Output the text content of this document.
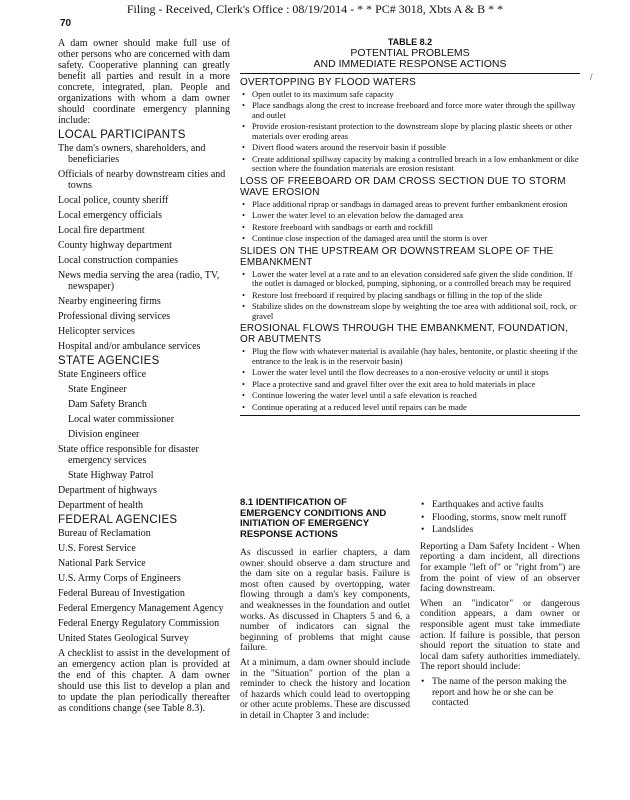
Filing - Received, Clerk's Office : 08/19/2014 - * * PC# 3018, Xbts A & B * *
70
/

A dam owner should make full use of other persons who are concerned with dam safety. Cooperative planning can greatly benefit all parties and result in a more concrete, integrated, plan. People and organizations with whom a dam owner should coordinate emergency planning include:

LOCAL PARTICIPANTS

The dam's owners, shareholders, and beneficiaries

Officials of nearby downstream cities and towns

Local police, county sheriff

Local emergency officials

Local fire department

County highway department

Local construction companies

News media serving the area (radio, TV, newspaper)

Nearby engineering firms

Professional diving services

Helicopter services

Hospital and/or ambulance services

STATE AGENCIES

State Engineers office

State Engineer

Dam Safety Branch

Local water commissioner

Division engineer

State office responsible for disaster emergency services

State Highway Patrol

Department of highways

Department of health

FEDERAL AGENCIES

Bureau of Reclamation

U.S. Forest Service

National Park Service

U.S. Army Corps of Engineers

Federal Bureau of Investigation

Federal Emergency Management Agency

Federal Energy Regulatory Commission

United States Geological Survey

A checklist to assist in the development of an emergency action plan is provided at the end of this chapter. A dam owner should use this list to develop a plan and to update the plan periodically thereafter as conditions change (see Table 8.3).

TABLE 8.2
POTENTIAL PROBLEMS
AND IMMEDIATE RESPONSE ACTIONS
OVERTOPPING BY FLOOD WATERS
• Open outlet to its maximum safe capacity
• Place sandbags along the crest to increase freeboard and force more water through the spillway and outlet
• Provide erosion-resistant protection to the downstream slope by placing plastic sheets or other materials over eroding areas
• Divert flood waters around the reservoir basin if possible
• Create additional spillway capacity by making a controlled breach in a low embankment or dike section where the foundation materials are erosion resistant
LOSS OF FREEBOARD OR DAM CROSS SECTION DUE TO STORM WAVE EROSION
• Place additional riprap or sandbags in damaged areas to prevent further embankment erosion
• Lower the water level to an elevation below the damaged area
• Restore freeboard with sandbags or earth and rockfill
• Continue close inspection of the damaged area until the storm is over
SLIDES ON THE UPSTREAM OR DOWNSTREAM SLOPE OF THE EMBANKMENT
• Lower the water level at a rate and to an elevation considered safe given the slide condition. If the outlet is damaged or blocked, pumping, siphoning, or a controlled breach may be required
• Restore lost freeboard if required by placing sandbags or filling in the top of the slide
• Stabilize slides on the downstream slope by weighting the toe area with additional soil, rock, or gravel
EROSIONAL FLOWS THROUGH THE EMBANKMENT, FOUNDATION, OR ABUTMENTS
• Plug the flow with whatever material is available (hay bales, bentonite, or plastic sheeting if the entrance to the leak is in the reservoir basin)
• Lower the water level until the flow decreases to a non-erosive velocity or until it stops
• Place a protective sand and gravel filter over the exit area to hold materials in place
• Continue lowering the water level until a safe elevation is reached
• Continue operating at a reduced level until repairs can be made
8.1 IDENTIFICATION OF EMERGENCY CONDITIONS AND INITIATION OF EMERGENCY RESPONSE ACTIONS

As discussed in earlier chapters, a dam owner should observe a dam structure and the dam site on a regular basis. Failure is most often caused by overtopping, water flowing through a dam's key components, and weaknesses in the foundation and outlet works. As discussed in Chapters 5 and 6, a number of indicators can signal the beginning of problems that might cause failure.

At a minimum, a dam owner should include in the "Situation" portion of the plan a reminder to check the history and location of hazards which could lead to overtopping or other acute problems. These are discussed in detail in Chapter 3 and include:

• Earthquakes and active faults
• Flooding, storms, snow melt runoff
• Landslides

Reporting a Dam Safety Incident - When reporting a dam incident, all directions for example "left of" or "right from") are from the point of view of an observer facing downstream.

When an "indicator" or dangerous condition appears, a dam owner or responsible agent must take immediate action. If failure is possible, that person should report the situation to state and local dam safety authorities immediately. The report should include:

• The name of the person making the report and how he or she can be contacted
